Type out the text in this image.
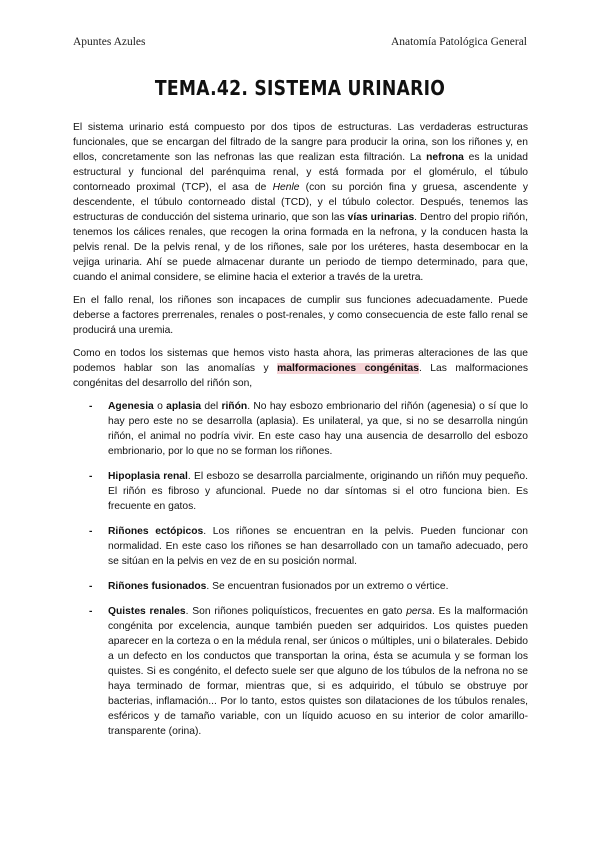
Apuntes Azules	Anatomía Patológica General
TEMA.42. SISTEMA URINARIO

El sistema urinario está compuesto por dos tipos de estructuras. Las verdaderas estructuras funcionales, que se encargan del filtrado de la sangre para producir la orina, son los riñones y, en ellos, concretamente son las nefronas las que realizan esta filtración. La nefrona es la unidad estructural y funcional del parénquima renal, y está formada por el glomérulo, el túbulo contorneado proximal (TCP), el asa de Henle (con su porción fina y gruesa, ascendente y descendente, el túbulo contorneado distal (TCD), y el túbulo colector. Después, tenemos las estructuras de conducción del sistema urinario, que son las vías urinarias. Dentro del propio riñón, tenemos los cálices renales, que recogen la orina formada en la nefrona, y la conducen hasta la pelvis renal. De la pelvis renal, y de los riñones, sale por los uréteres, hasta desembocar en la vejiga urinaria. Ahí se puede almacenar durante un periodo de tiempo determinado, para que, cuando el animal considere, se elimine hacia el exterior a través de la uretra.

En el fallo renal, los riñones son incapaces de cumplir sus funciones adecuadamente. Puede deberse a factores prerrenales, renales o post-renales, y como consecuencia de este fallo renal se producirá una uremia.

Como en todos los sistemas que hemos visto hasta ahora, las primeras alteraciones de las que podemos hablar son las anomalías y malformaciones congénitas. Las malformaciones congénitas del desarrollo del riñón son,

- Agenesia o aplasia del riñón. No hay esbozo embrionario del riñón (agenesia) o sí que lo hay pero este no se desarrolla (aplasia). Es unilateral, ya que, si no se desarrolla ningún riñón, el animal no podría vivir. En este caso hay una ausencia de desarrollo del esbozo embrionario, por lo que no se forman los riñones.
- Hipoplasia renal. El esbozo se desarrolla parcialmente, originando un riñón muy pequeño. El riñón es fibroso y afuncional. Puede no dar síntomas si el otro funciona bien. Es frecuente en gatos.
- Riñones ectópicos. Los riñones se encuentran en la pelvis. Pueden funcionar con normalidad. En este caso los riñones se han desarrollado con un tamaño adecuado, pero se sitúan en la pelvis en vez de en su posición normal.
- Riñones fusionados. Se encuentran fusionados por un extremo o vértice.
- Quistes renales. Son riñones poliquísticos, frecuentes en gato persa. Es la malformación congénita por excelencia, aunque también pueden ser adquiridos. Los quistes pueden aparecer en la corteza o en la médula renal, ser únicos o múltiples, uni o bilaterales. Debido a un defecto en los conductos que transportan la orina, ésta se acumula y se forman los quistes. Si es congénito, el defecto suele ser que alguno de los túbulos de la nefrona no se haya terminado de formar, mientras que, si es adquirido, el túbulo se obstruye por bacterias, inflamación... Por lo tanto, estos quistes son dilataciones de los túbulos renales, esféricos y de tamaño variable, con un líquido acuoso en su interior de color amarillo-transparente (orina).
